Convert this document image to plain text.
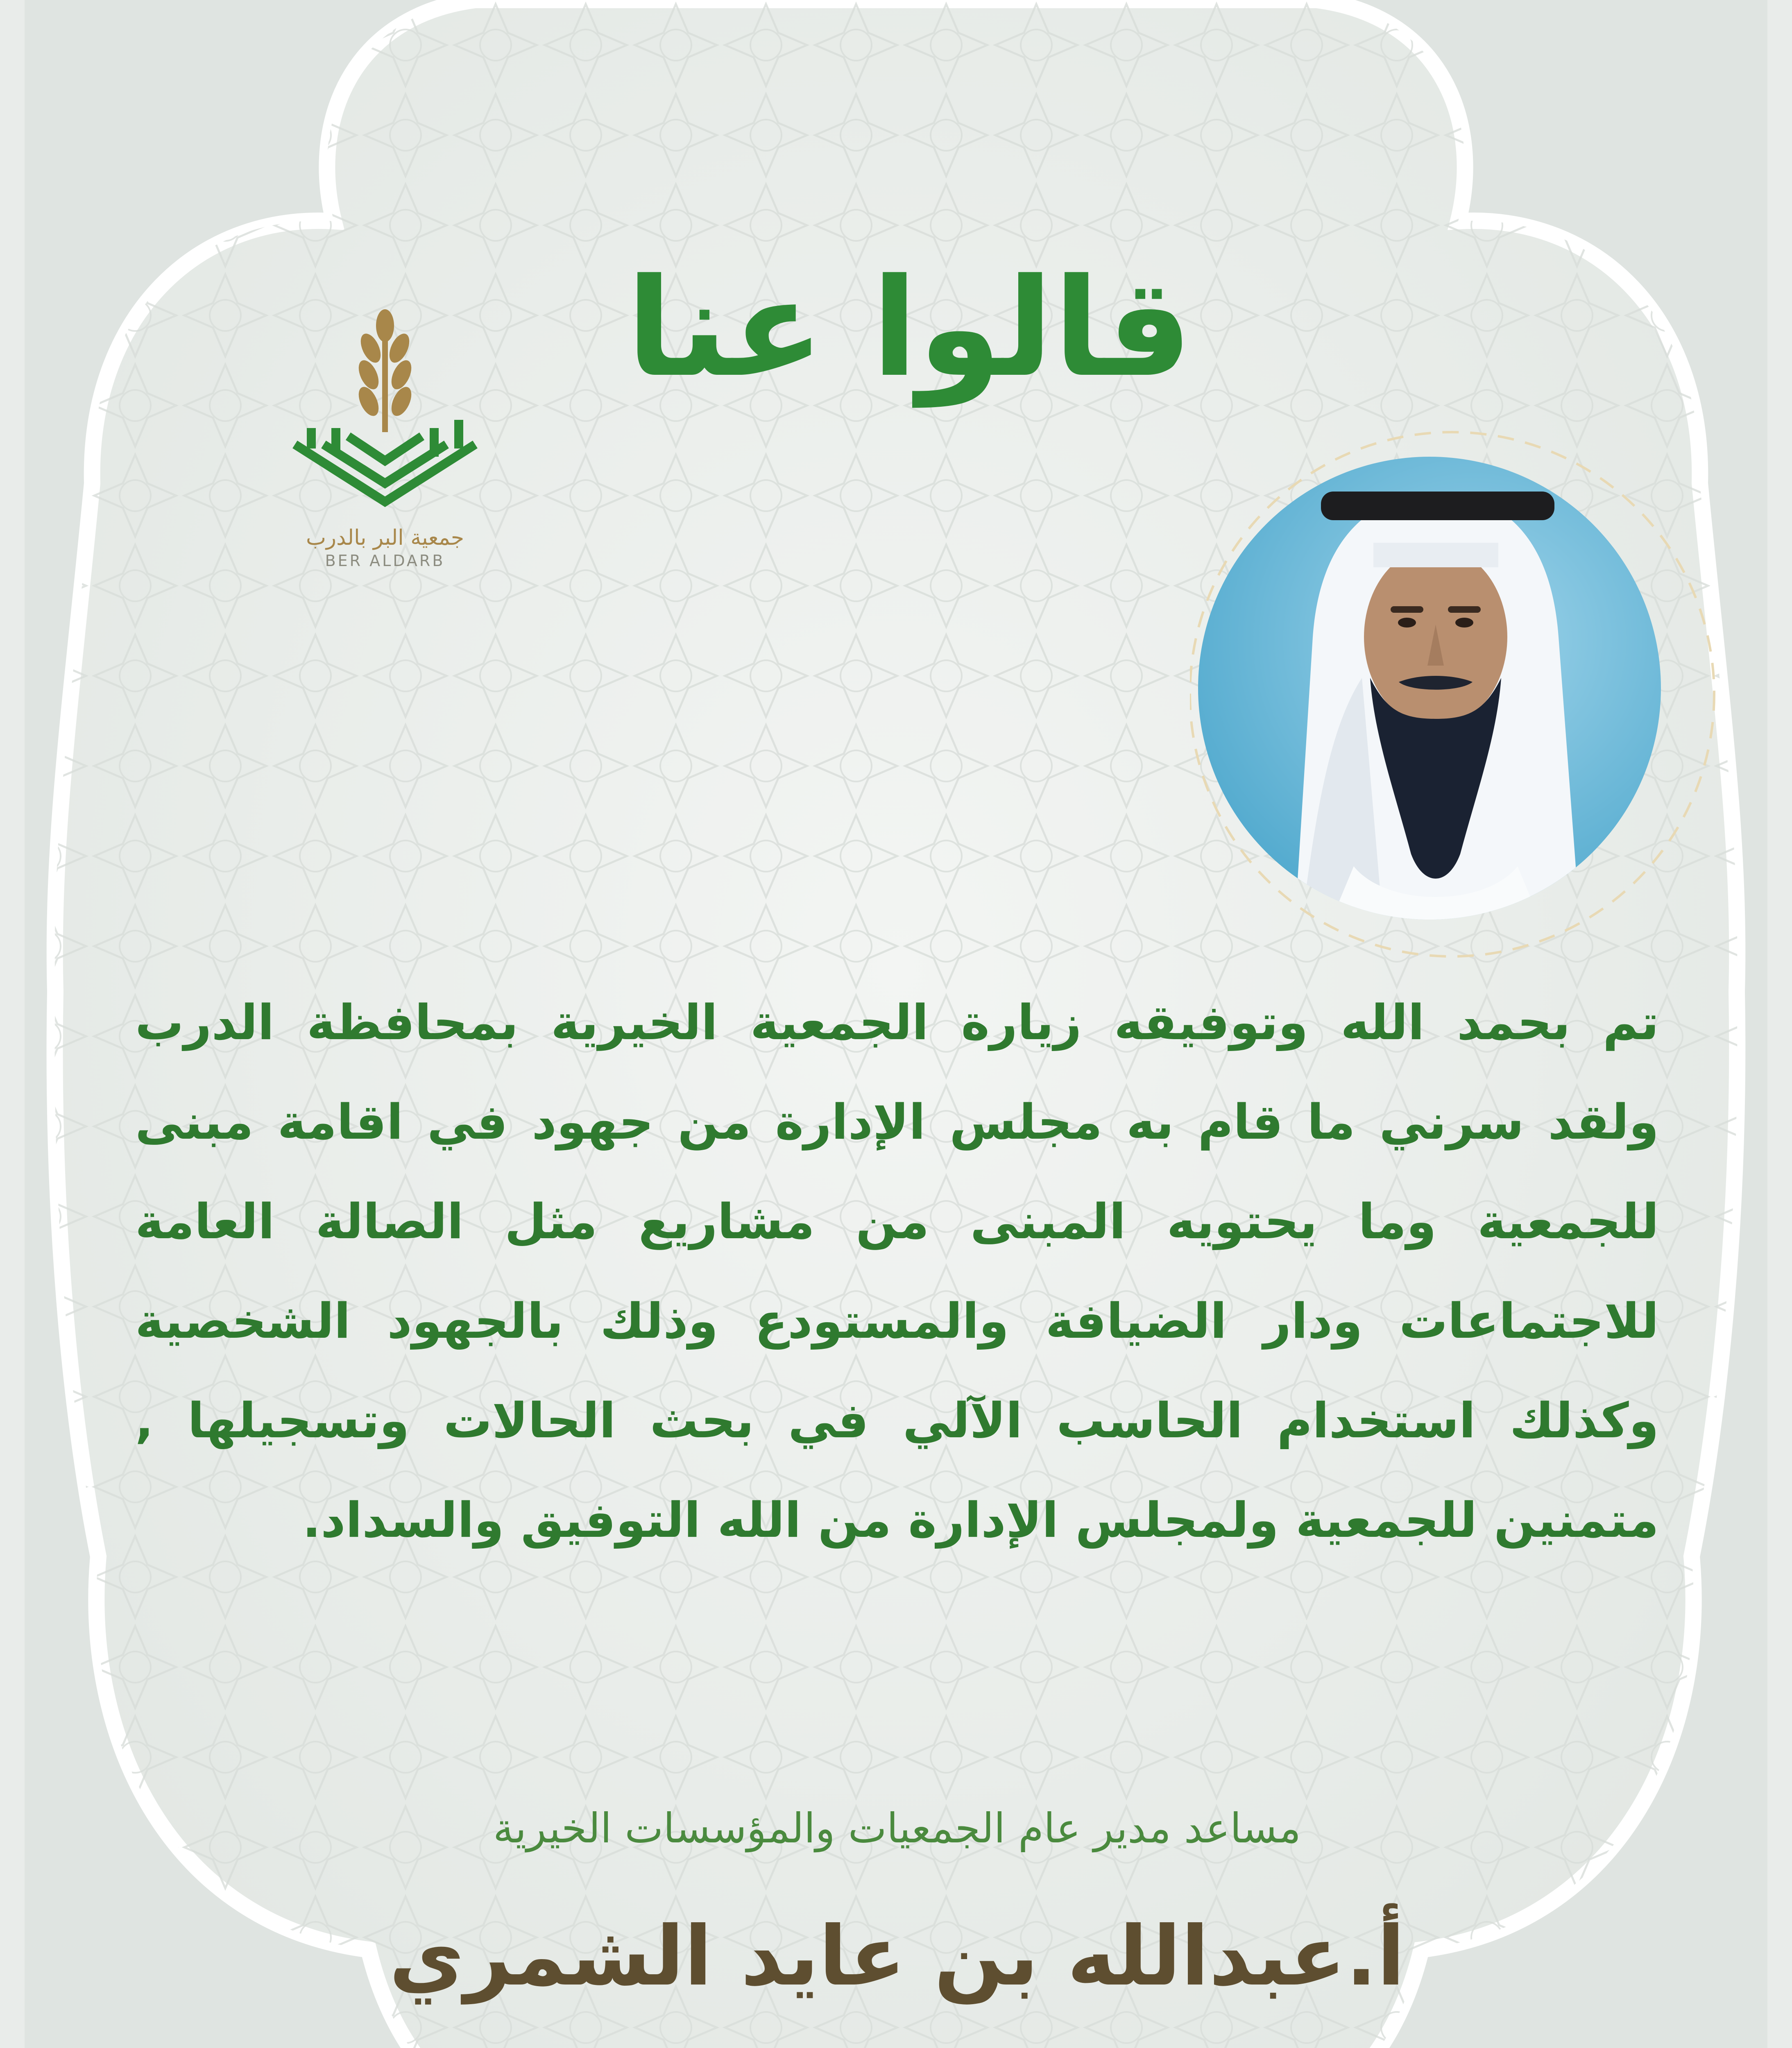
جمعية البر بالدرب
BER ALDARB
قالوا عنا
تم بحمد الله وتوفيقه زيارة الجمعية الخيرية بمحافظة الدرب ولقد سرني ما قام به مجلس الإدارة من جهود في اقامة مبنى للجمعية وما يحتويه المبنى من مشاريع مثل الصالة العامة للاجتماعات ودار الضيافة والمستودع وذلك بالجهود الشخصية وكذلك استخدام الحاسب الآلي في بحث الحالات وتسجيلها , متمنين للجمعية ولمجلس الإدارة من الله التوفيق والسداد.
مساعد مدير عام الجمعيات والمؤسسات الخيرية
أ.عبدالله بن عايد الشمري
